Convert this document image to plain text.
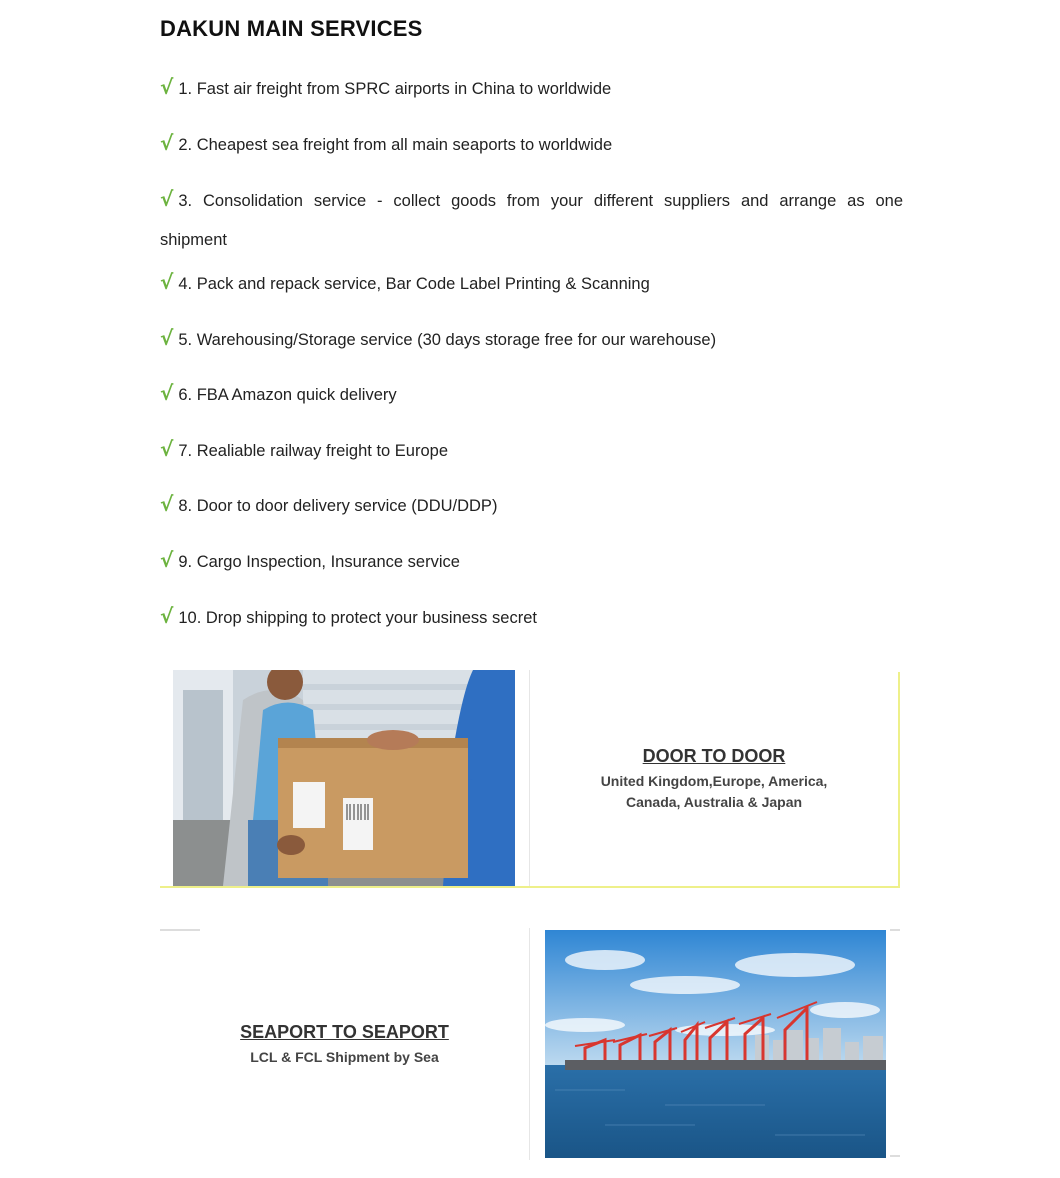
DAKUN MAIN SERVICES
√ 1. Fast air freight from SPRC airports in China to worldwide
√ 2. Cheapest sea freight from all main seaports to worldwide
√ 3. Consolidation service - collect goods from your different suppliers and arrange as one shipment
√ 4. Pack and repack service, Bar Code Label Printing & Scanning
√ 5. Warehousing/Storage service (30 days storage free for our warehouse)
√ 6. FBA Amazon quick delivery
√ 7. Realiable railway freight to Europe
√ 8. Door to door delivery service (DDU/DDP)
√ 9. Cargo Inspection, Insurance service
√ 10. Drop shipping to protect your business secret
DOOR TO DOOR
United Kingdom,Europe, America,
Canada, Australia & Japan
SEAPORT TO SEAPORT
LCL & FCL Shipment by Sea
